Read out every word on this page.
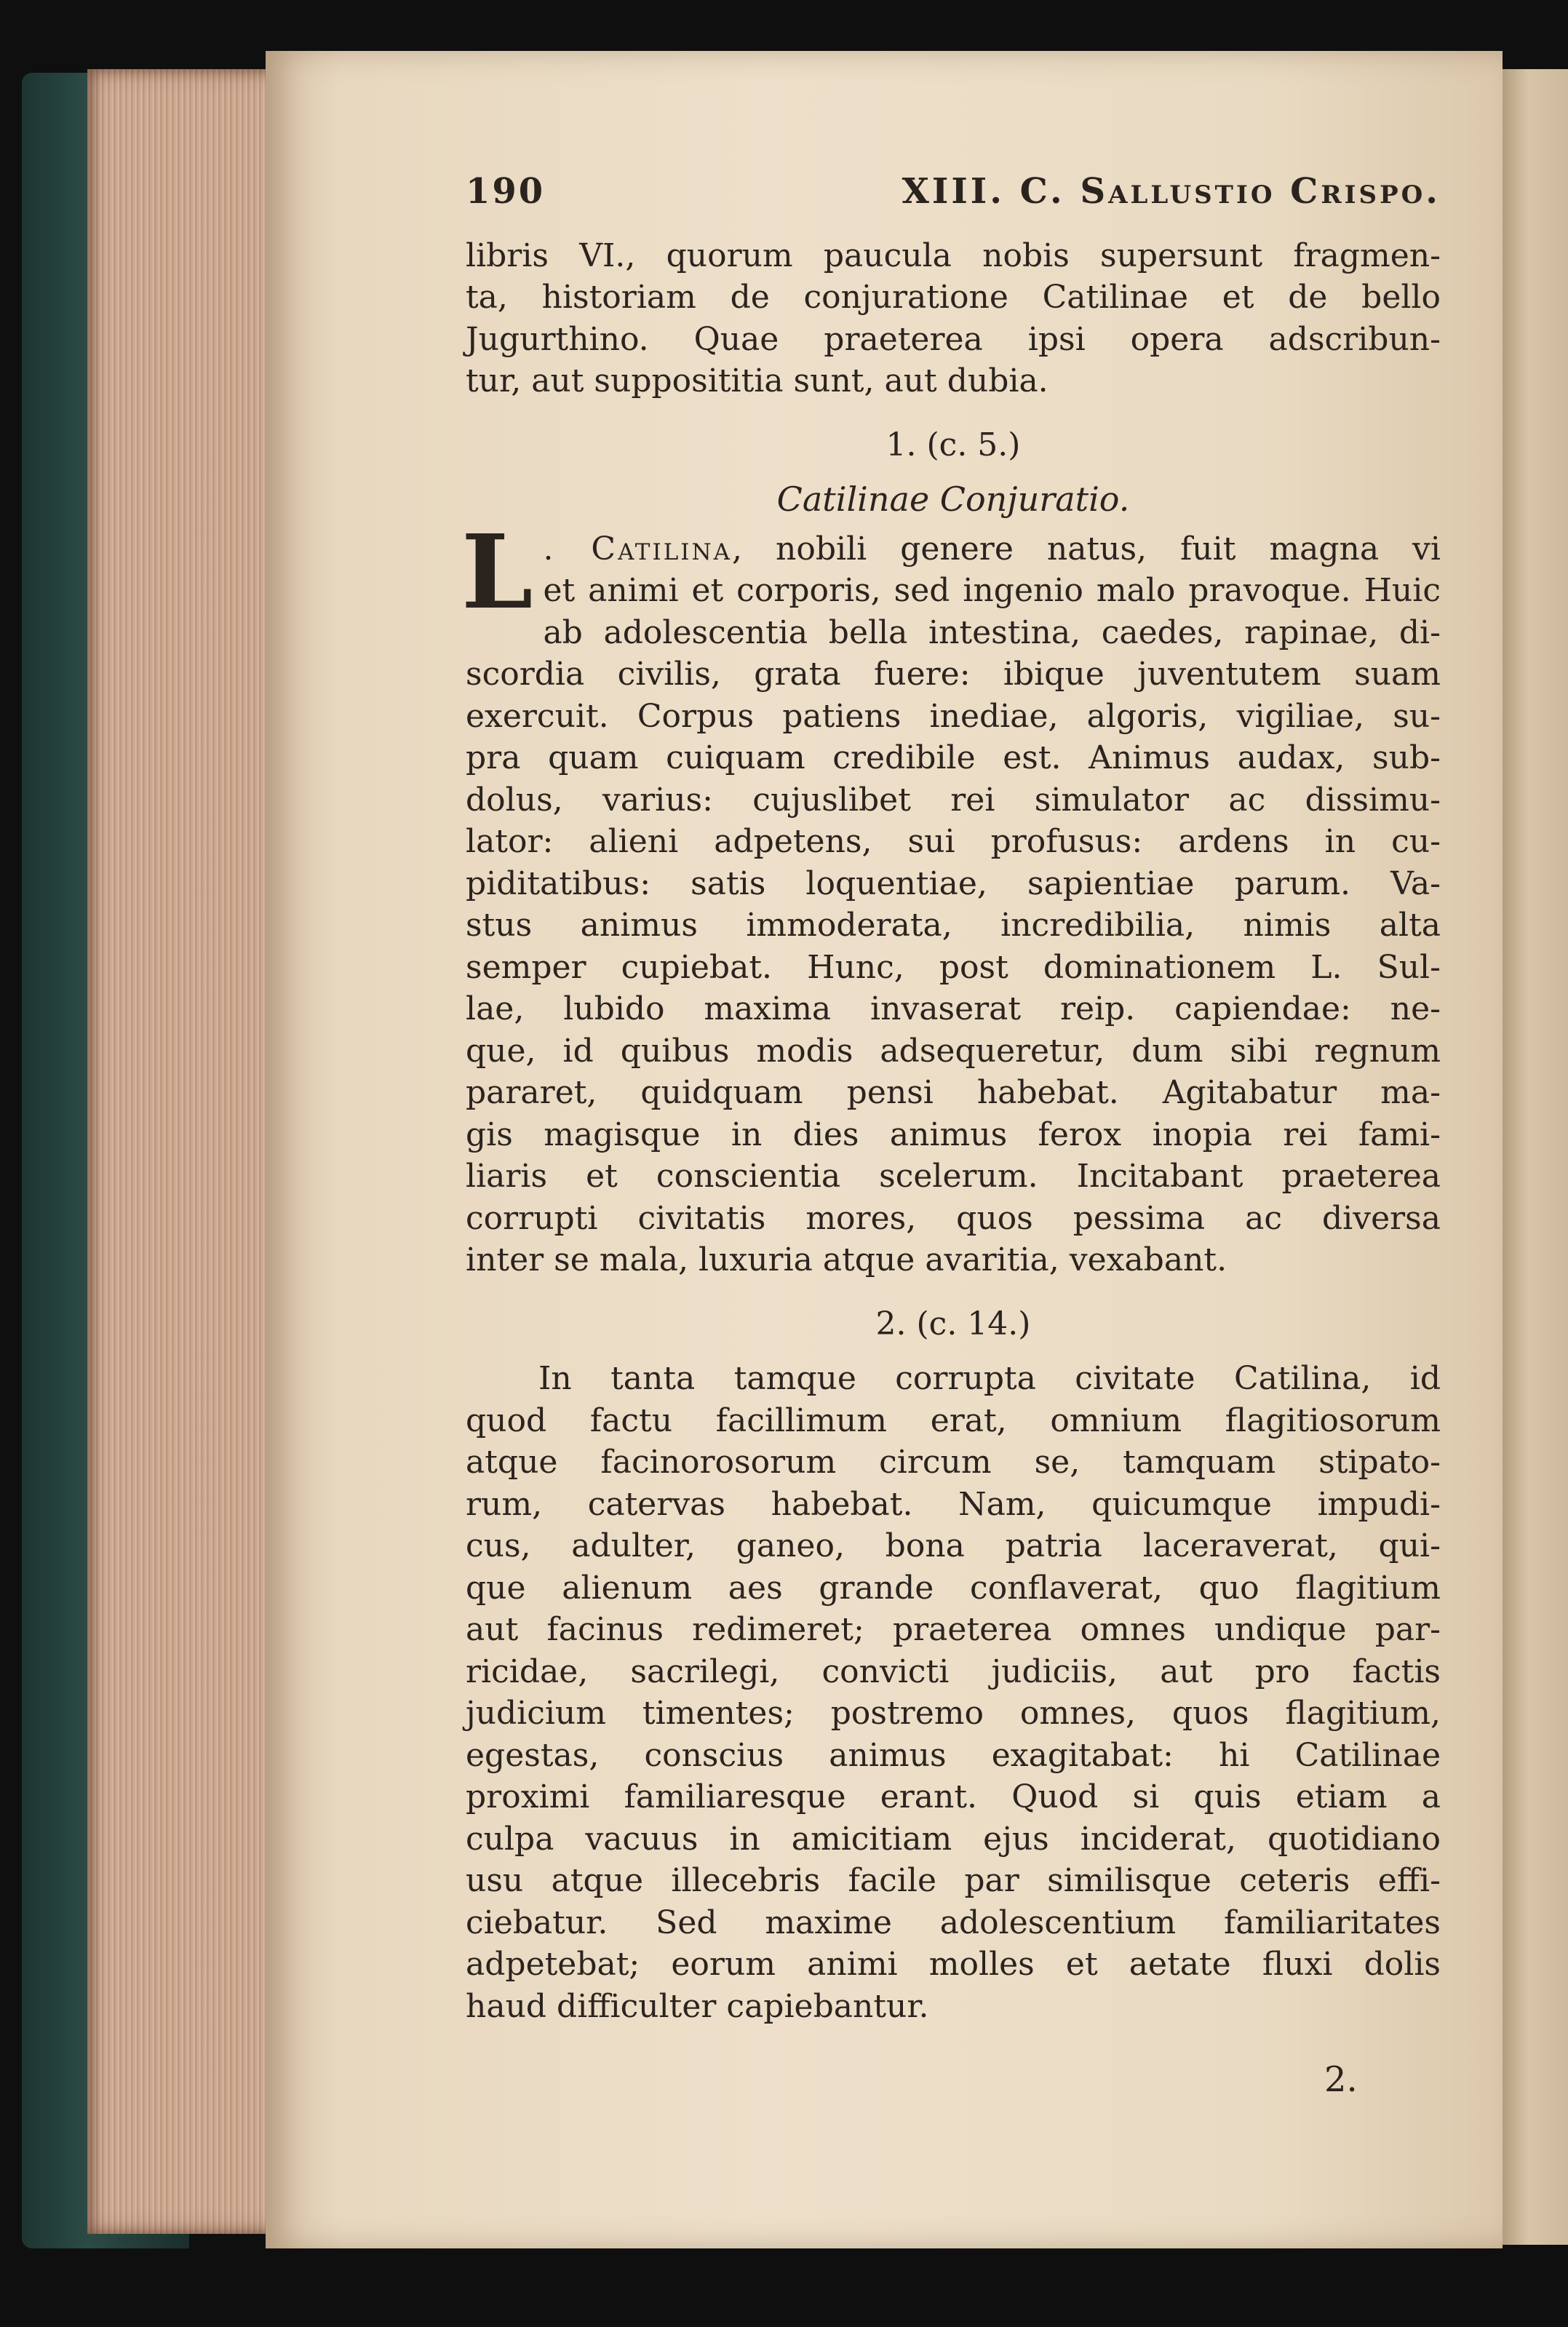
190	XIII. C. Sallustio Crispo.
libris VI., quorum paucula nobis supersunt fragmen-
ta, historiam de conjuratione Catilinae et de bello
Jugurthino. Quae praeterea ipsi opera adscribun-
tur, aut supposititia sunt, aut dubia.
1. (c. 5.)
Catilinae Conjuratio.
L . Catilina, nobili genere natus, fuit magna vi
et animi et corporis, sed ingenio malo pravoque. Huic
ab adolescentia bella intestina, caedes, rapinae, di-
scordia civilis, grata fuere: ibique juventutem suam
exercuit. Corpus patiens inediae, algoris, vigiliae, su-
pra quam cuiquam credibile est. Animus audax, sub-
dolus, varius: cujuslibet rei simulator ac dissimu-
lator: alieni adpetens, sui profusus: ardens in cu-
piditatibus: satis loquentiae, sapientiae parum. Va-
stus animus immoderata, incredibilia, nimis alta
semper cupiebat. Hunc, post dominationem L. Sul-
lae, lubido maxima invaserat reip. capiendae: ne-
que, id quibus modis adsequeretur, dum sibi regnum
pararet, quidquam pensi habebat. Agitabatur ma-
gis magisque in dies animus ferox inopia rei fami-
liaris et conscientia scelerum. Incitabant praeterea
corrupti civitatis mores, quos pessima ac diversa
inter se mala, luxuria atque avaritia, vexabant.
2. (c. 14.)
In tanta tamque corrupta civitate Catilina, id
quod factu facillimum erat, omnium flagitiosorum
atque facinorosorum circum se, tamquam stipato-
rum, catervas habebat. Nam, quicumque impudi-
cus, adulter, ganeo, bona patria laceraverat, qui-
que alienum aes grande conflaverat, quo flagitium
aut facinus redimeret; praeterea omnes undique par-
ricidae, sacrilegi, convicti judiciis, aut pro factis
judicium timentes; postremo omnes, quos flagitium,
egestas, conscius animus exagitabat: hi Catilinae
proximi familiaresque erant. Quod si quis etiam a
culpa vacuus in amicitiam ejus inciderat, quotidiano
usu atque illecebris facile par similisque ceteris effi-
ciebatur. Sed maxime adolescentium familiaritates
adpetebat; eorum animi molles et aetate fluxi dolis
haud difficulter capiebantur.
2.
